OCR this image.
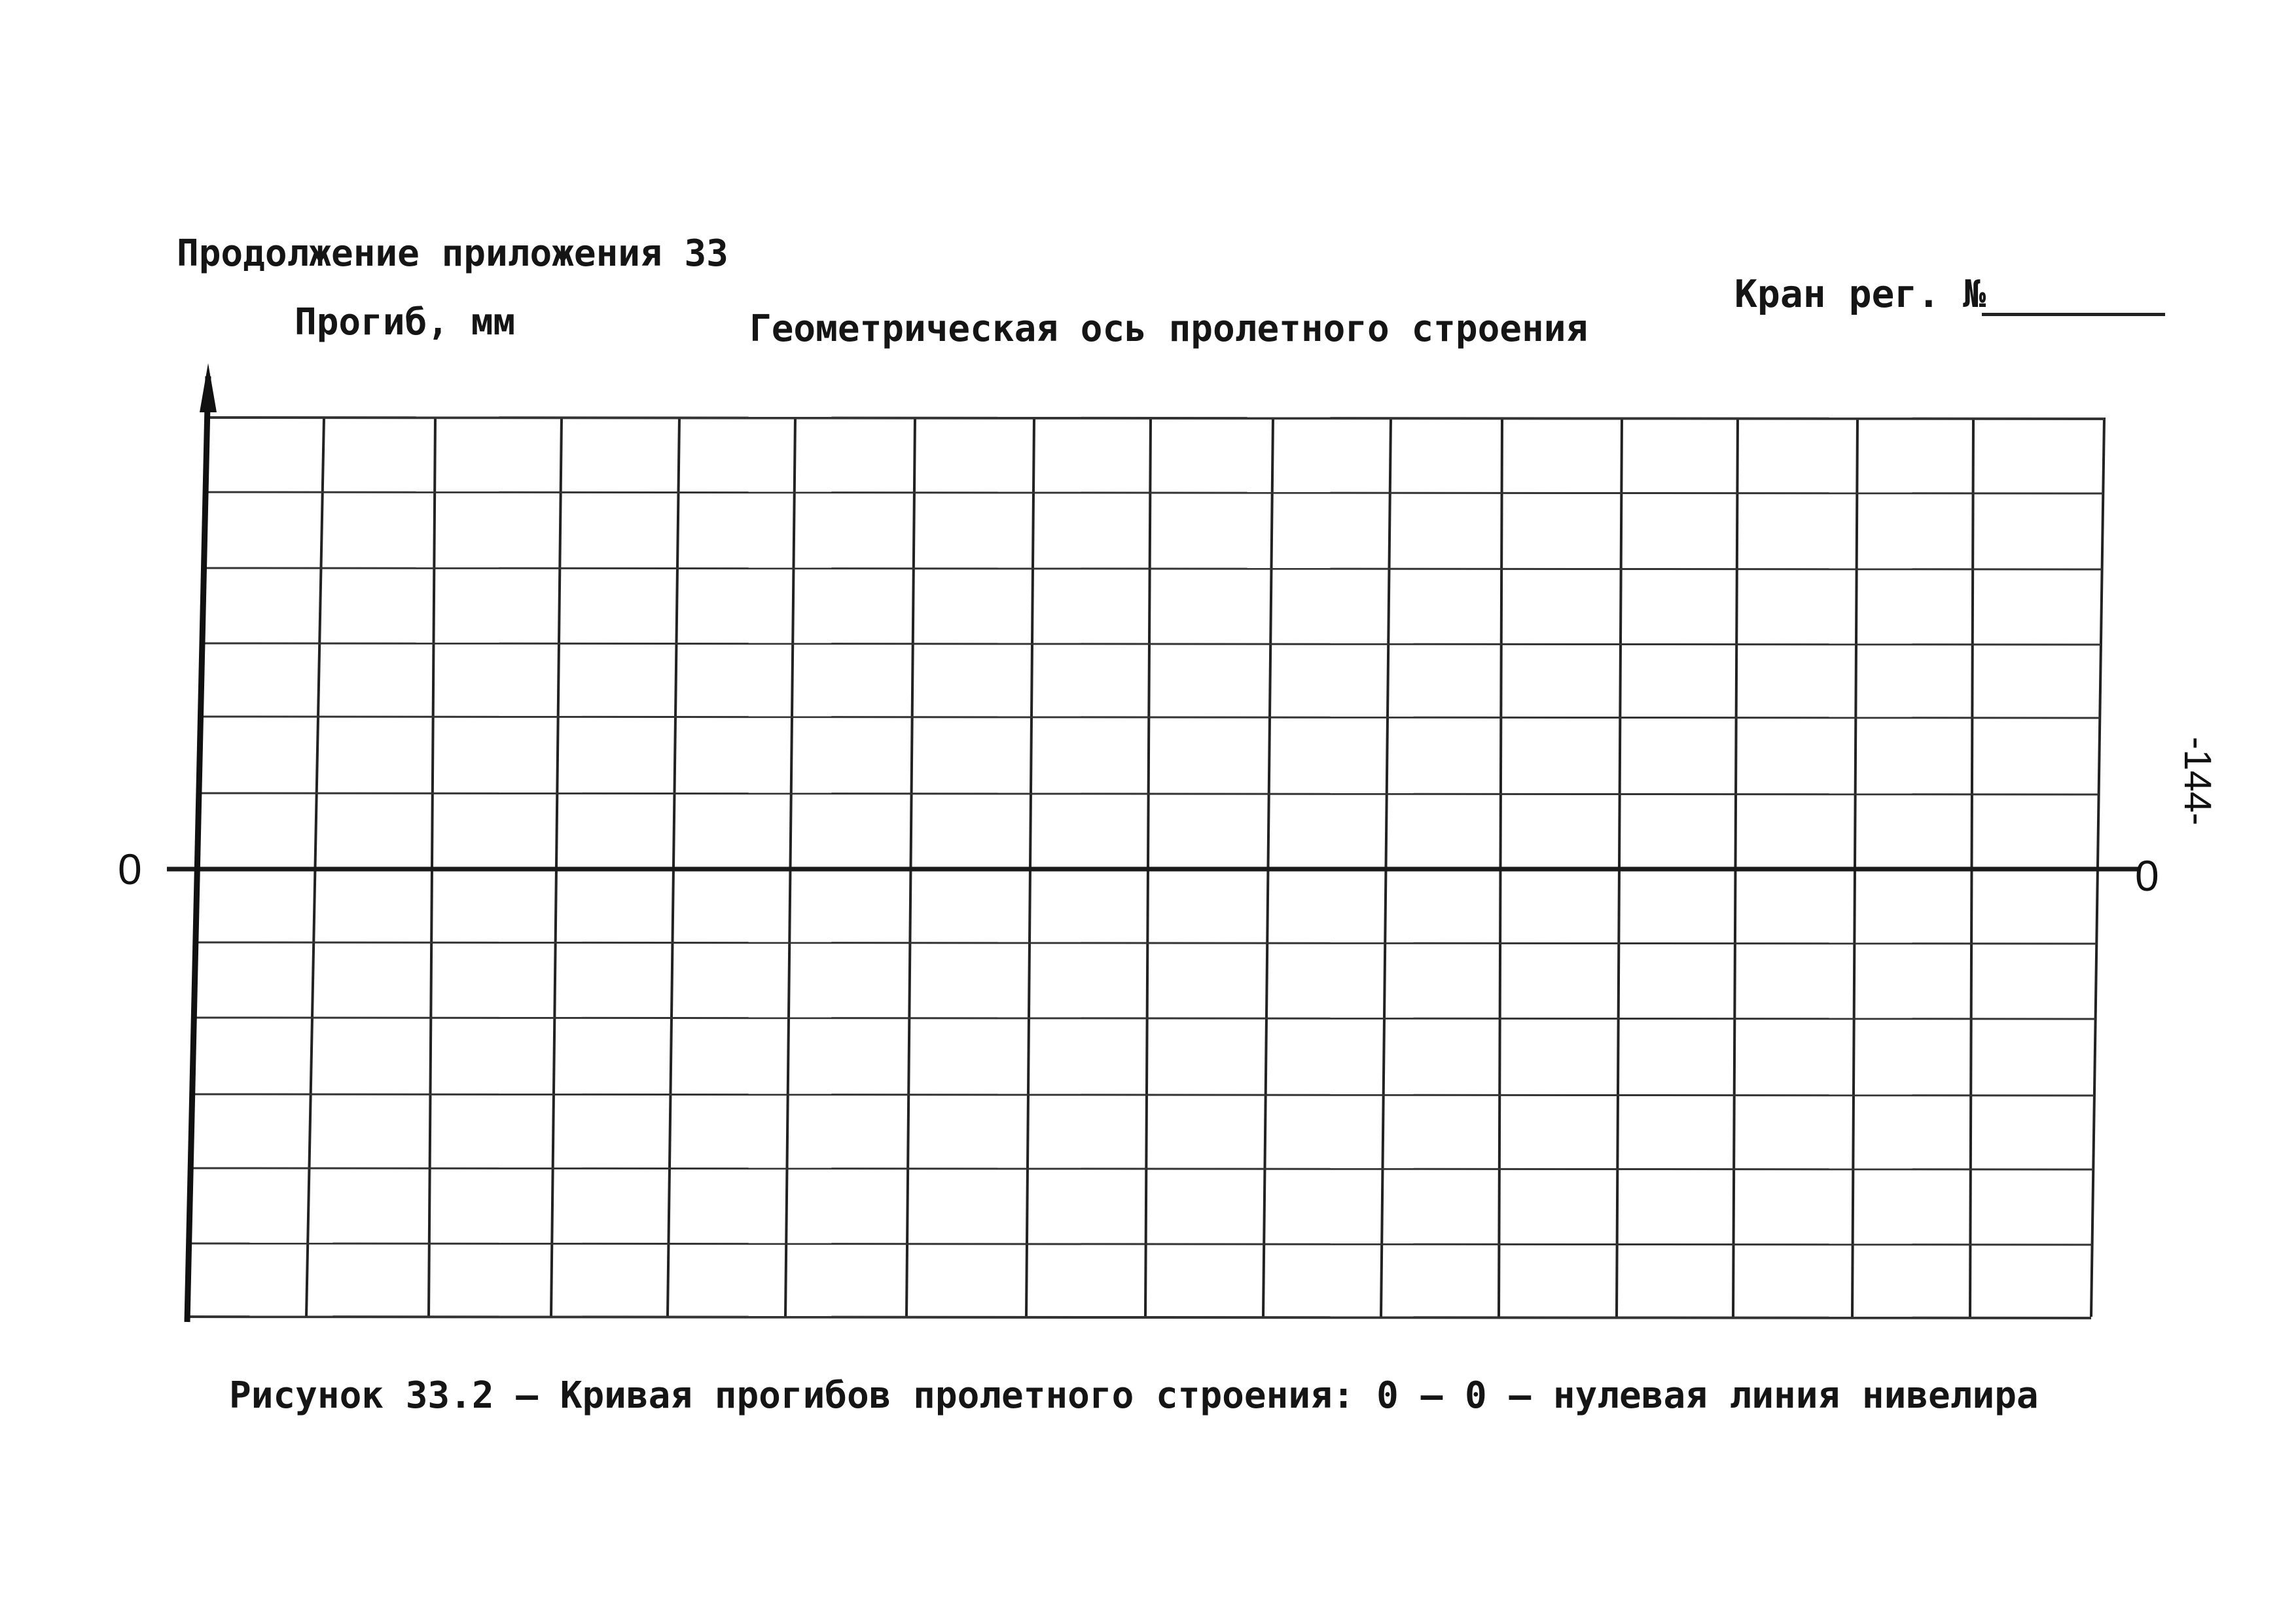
Продолжение приложения 33
Кран рег. №
Прогиб, мм	Геометрическая ось пролетного строения
0	0
-144-
Рисунок 33.2 – Кривая прогибов пролетного строения: 0 – 0 – нулевая линия нивелира
